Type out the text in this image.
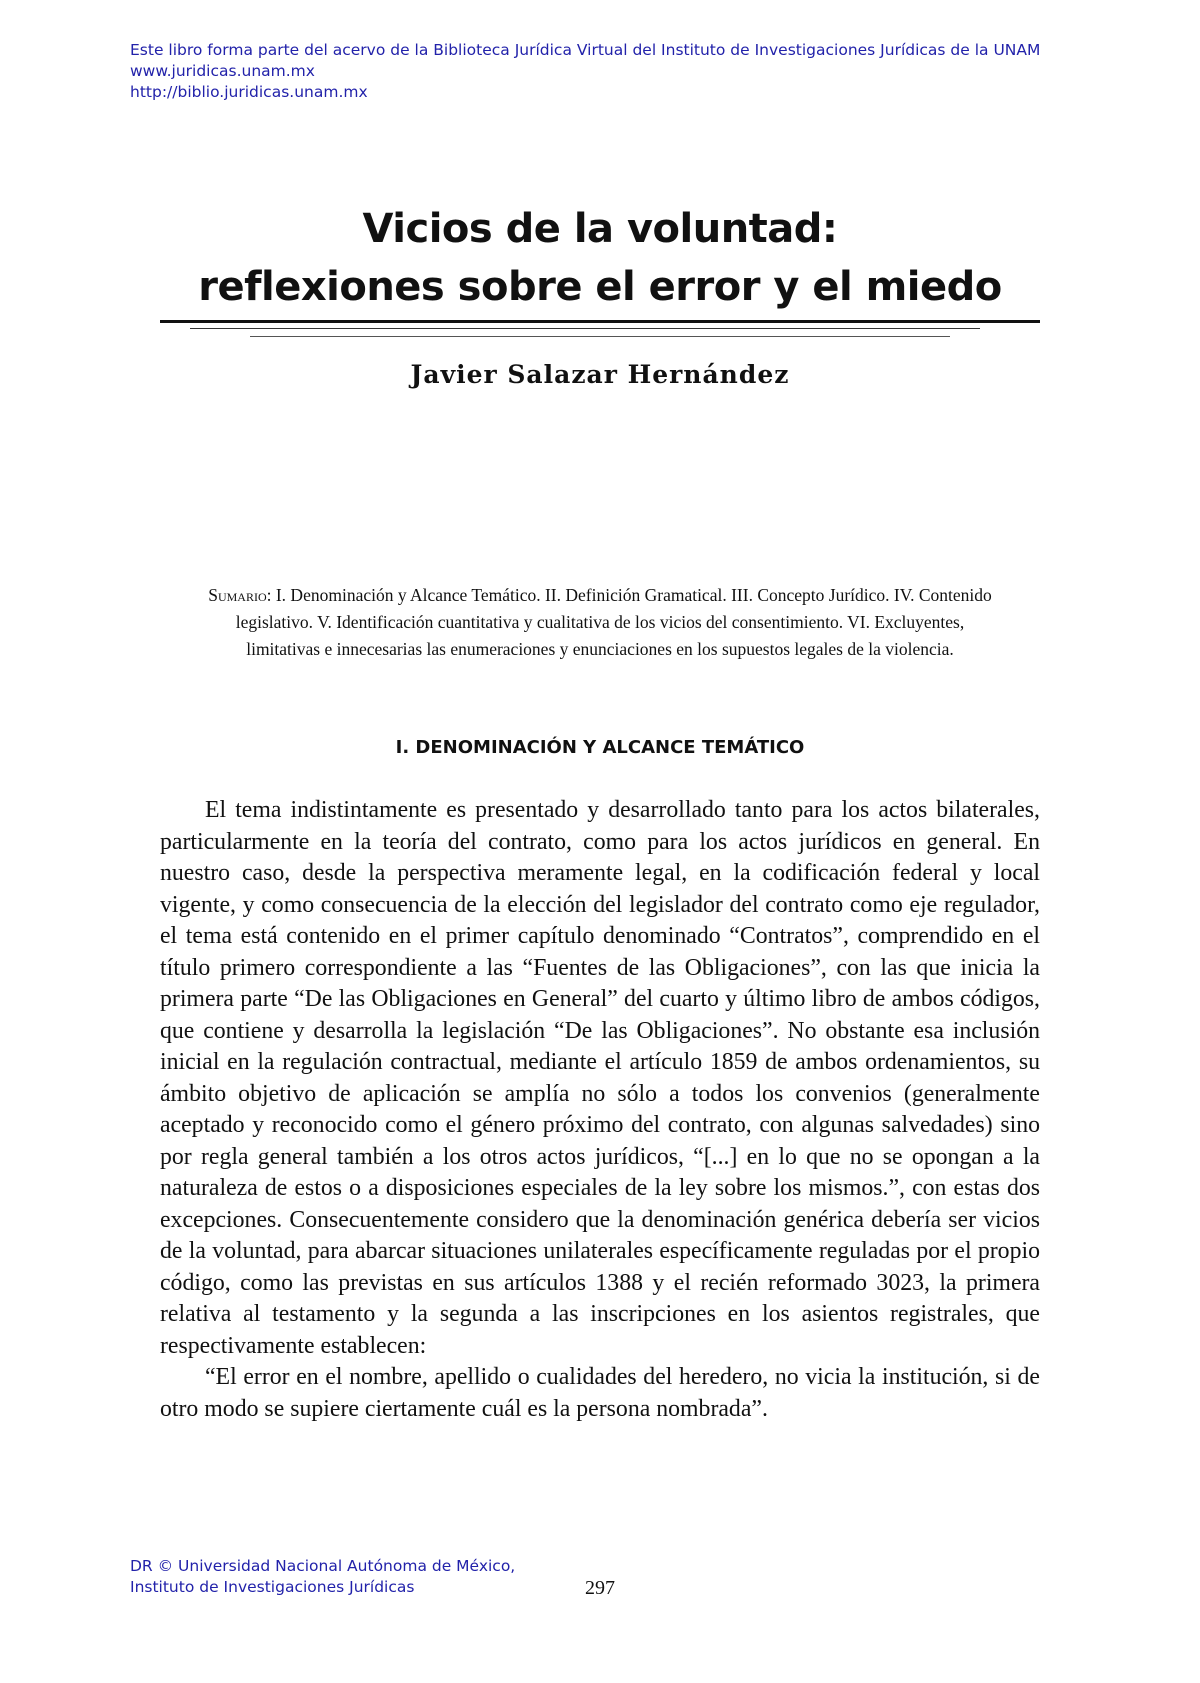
Este libro forma parte del acervo de la Biblioteca Jurídica Virtual del Instituto de Investigaciones Jurídicas de la UNAM
www.juridicas.unam.mx
http://biblio.juridicas.unam.mx
Vicios de la voluntad:
reflexiones sobre el error y el miedo
Javier Salazar Hernández
Sumario: I. Denominación y Alcance Temático. II. Definición Gramatical. III. Concepto Jurídico. IV. Contenido legislativo. V. Identificación cuantitativa y cualitativa de los vicios del consentimiento. VI. Excluyentes, limitativas e innecesarias las enumeraciones y enunciaciones en los supuestos legales de la violencia.
I. DENOMINACIÓN Y ALCANCE TEMÁTICO

El tema indistintamente es presentado y desarrollado tanto para los actos bilaterales, particularmente en la teoría del contrato, como para los actos jurídicos en general. En nuestro caso, desde la perspectiva meramente legal, en la codificación federal y local vigente, y como consecuencia de la elección del legislador del contrato como eje regulador, el tema está contenido en el primer capítulo denominado “Contratos”, comprendido en el título primero correspondiente a las “Fuentes de las Obligaciones”, con las que inicia la primera parte “De las Obligaciones en General” del cuarto y último libro de ambos códigos, que contiene y desarrolla la legislación “De las Obligaciones”. No obstante esa inclusión inicial en la regulación contractual, mediante el artículo 1859 de ambos ordenamientos, su ámbito objetivo de aplicación se amplía no sólo a todos los convenios (generalmente aceptado y reconocido como el género próximo del contrato, con algunas salvedades) sino por regla general también a los otros actos jurídicos, “[...] en lo que no se opongan a la naturaleza de estos o a disposiciones especiales de la ley sobre los mismos.”, con estas dos excepciones. Consecuentemente considero que la denominación genérica debería ser vicios de la voluntad, para abarcar situaciones unilaterales específicamente reguladas por el propio código, como las previstas en sus artículos 1388 y el recién reformado 3023, la primera relativa al testamento y la segunda a las inscripciones en los asientos registrales, que respectivamente establecen:

“El error en el nombre, apellido o cualidades del heredero, no vicia la institución, si de otro modo se supiere ciertamente cuál es la persona nombrada”.

DR © Universidad Nacional Autónoma de México,
Instituto de Investigaciones Jurídicas	297
